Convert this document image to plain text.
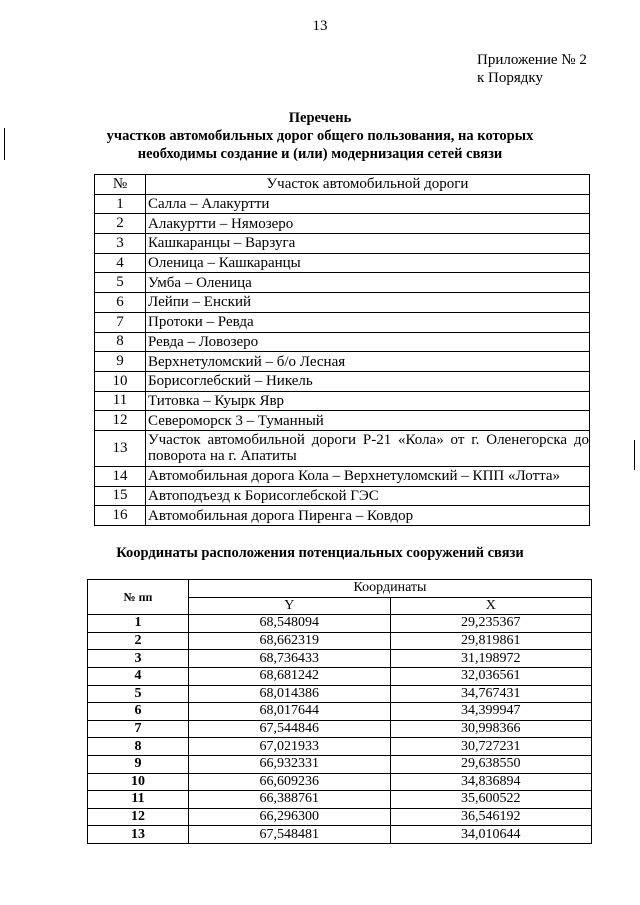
13
Приложение № 2
к Порядку
Перечень
участков автомобильных дорог общего пользования, на которых
необходимы создание и (или) модернизация сетей связи
№	Участок автомобильной дороги
1	Салла – Алакуртти
2	Алакуртти – Нямозеро
3	Кашкаранцы – Варзуга
4	Оленица – Кашкаранцы
5	Умба – Оленица
6	Лейпи – Енский
7	Протоки – Ревда
8	Ревда – Ловозеро
9	Верхнетуломский – б/о Лесная
10	Борисоглебский – Никель
11	Титовка – Куырк Явр
12	Североморск 3 – Туманный
13	Участок автомобильной дороги Р-21 «Кола» от г. Оленегорска до поворота на г. Апатиты
14	Автомобильная дорога Кола – Верхнетуломский – КПП «Лотта»
15	Автоподъезд к Борисоглебской ГЭС
16	Автомобильная дорога Пиренга – Ковдор
Координаты расположения потенциальных сооружений связи
№ пп	Координаты	
	Y	X
1	68,548094	29,235367
2	68,662319	29,819861
3	68,736433	31,198972
4	68,681242	32,036561
5	68,014386	34,767431
6	68,017644	34,399947
7	67,544846	30,998366
8	67,021933	30,727231
9	66,932331	29,638550
10	66,609236	34,836894
11	66,388761	35,600522
12	66,296300	36,546192
13	67,548481	34,010644
